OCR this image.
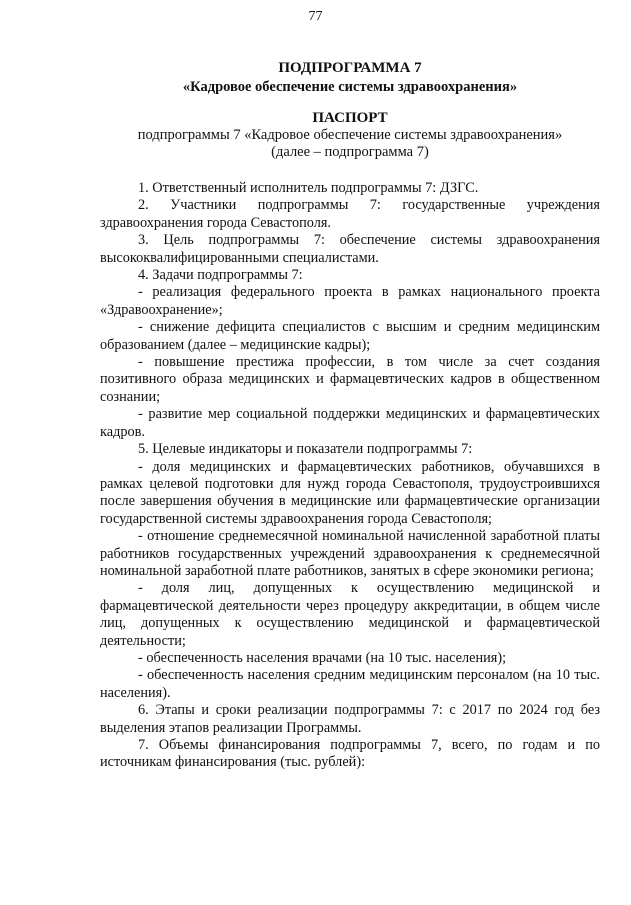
77
ПОДПРОГРАММА 7
«Кадровое обеспечение системы здравоохранения»
ПАСПОРТ
подпрограммы 7 «Кадровое обеспечение системы здравоохранения»
(далее – подпрограмма 7)

1. Ответственный исполнитель подпрограммы 7: ДЗГС.

2. Участники подпрограммы 7: государственные учреждения здравоохранения города Севастополя.

3. Цель подпрограммы 7: обеспечение системы здравоохранения высококвалифицированными специалистами.

4. Задачи подпрограммы 7:

- реализация федерального проекта в рамках национального проекта «Здравоохранение»;

- снижение дефицита специалистов с высшим и средним медицинским образованием (далее – медицинские кадры);

- повышение престижа профессии, в том числе за счет создания позитивного образа медицинских и фармацевтических кадров в общественном сознании;

- развитие мер социальной поддержки медицинских и фармацевтических кадров.

5. Целевые индикаторы и показатели подпрограммы 7:

- доля медицинских и фармацевтических работников, обучавшихся в рамках целевой подготовки для нужд города Севастополя, трудоустроившихся после завершения обучения в медицинские или фармацевтические организации государственной системы здравоохранения города Севастополя;

- отношение среднемесячной номинальной начисленной заработной платы работников государственных учреждений здравоохранения к среднемесячной номинальной заработной плате работников, занятых в сфере экономики региона;

- доля лиц, допущенных к осуществлению медицинской и фармацевтической деятельности через процедуру аккредитации, в общем числе лиц, допущенных к осуществлению медицинской и фармацевтической деятельности;

- обеспеченность населения врачами (на 10 тыс. населения);

- обеспеченность населения средним медицинским персоналом (на 10 тыс. населения).

6. Этапы и сроки реализации подпрограммы 7: с 2017 по 2024 год без выделения этапов реализации Программы.

7. Объемы финансирования подпрограммы 7, всего, по годам и по источникам финансирования (тыс. рублей):
